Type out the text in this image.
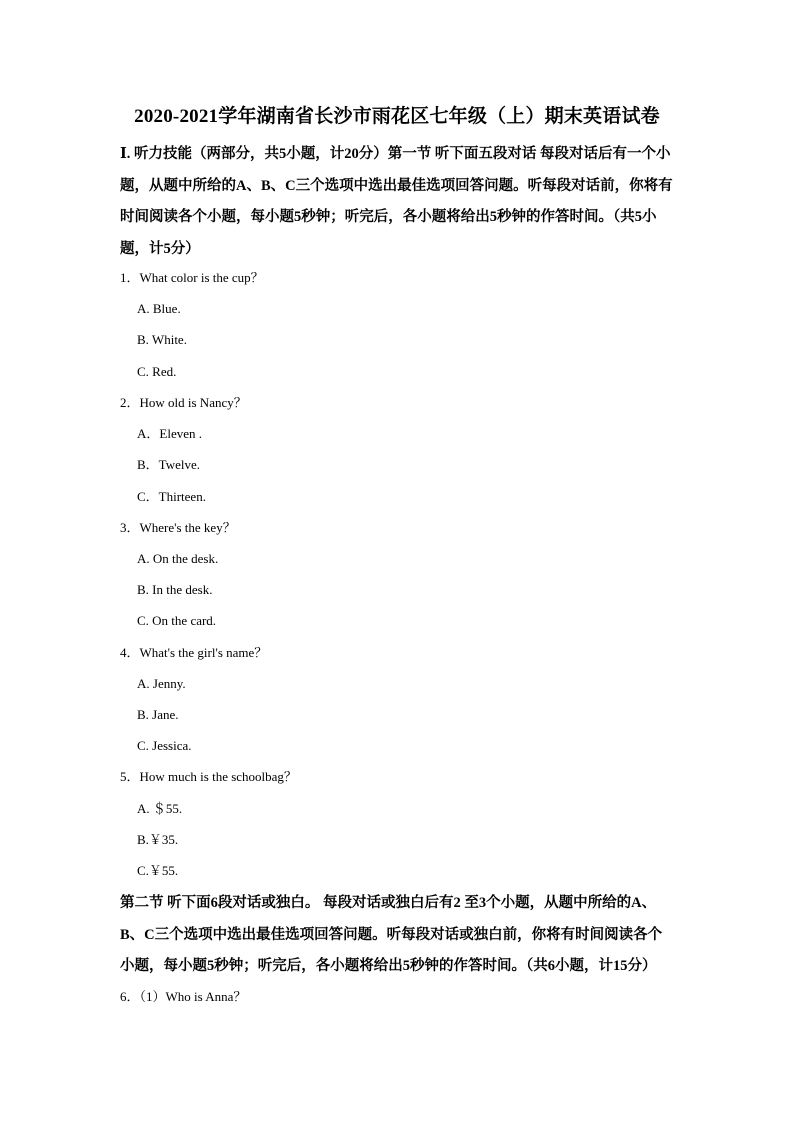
2020-2021学年湖南省长沙市雨花区七年级（上）期末英语试卷
Ⅰ. 听力技能（两部分，共5小题，计20分）第一节 听下面五段对话 每段对话后有一个小题，从题中所给的A、B、C三个选项中选出最佳选项回答问题。听每段对话前，你将有时间阅读各个小题，每小题5秒钟；听完后，各小题将给出5秒钟的作答时间。（共5小题，计5分）
1．What color is the cup？
A. Blue.
B. White.
C. Red.
2．How old is Nancy？
A．Eleven .
B．Twelve.
C．Thirteen.
3．Where's the key？
A. On the desk.
B. In the desk.
C. On the card.
4．What's the girl's name？
A. Jenny.
B. Jane.
C. Jessica.
5．How much is the schoolbag？
A. ＄55.
B.￥35.
C.￥55.
第二节 听下面6段对话或独白。 每段对话或独白后有2 至3个小题，从题中所给的A、B、C三个选项中选出最佳选项回答问题。听每段对话或独白前，你将有时间阅读各个小题，每小题5秒钟；听完后，各小题将给出5秒钟的作答时间。（共6小题，计15分）
6．（1）Who is Anna？
